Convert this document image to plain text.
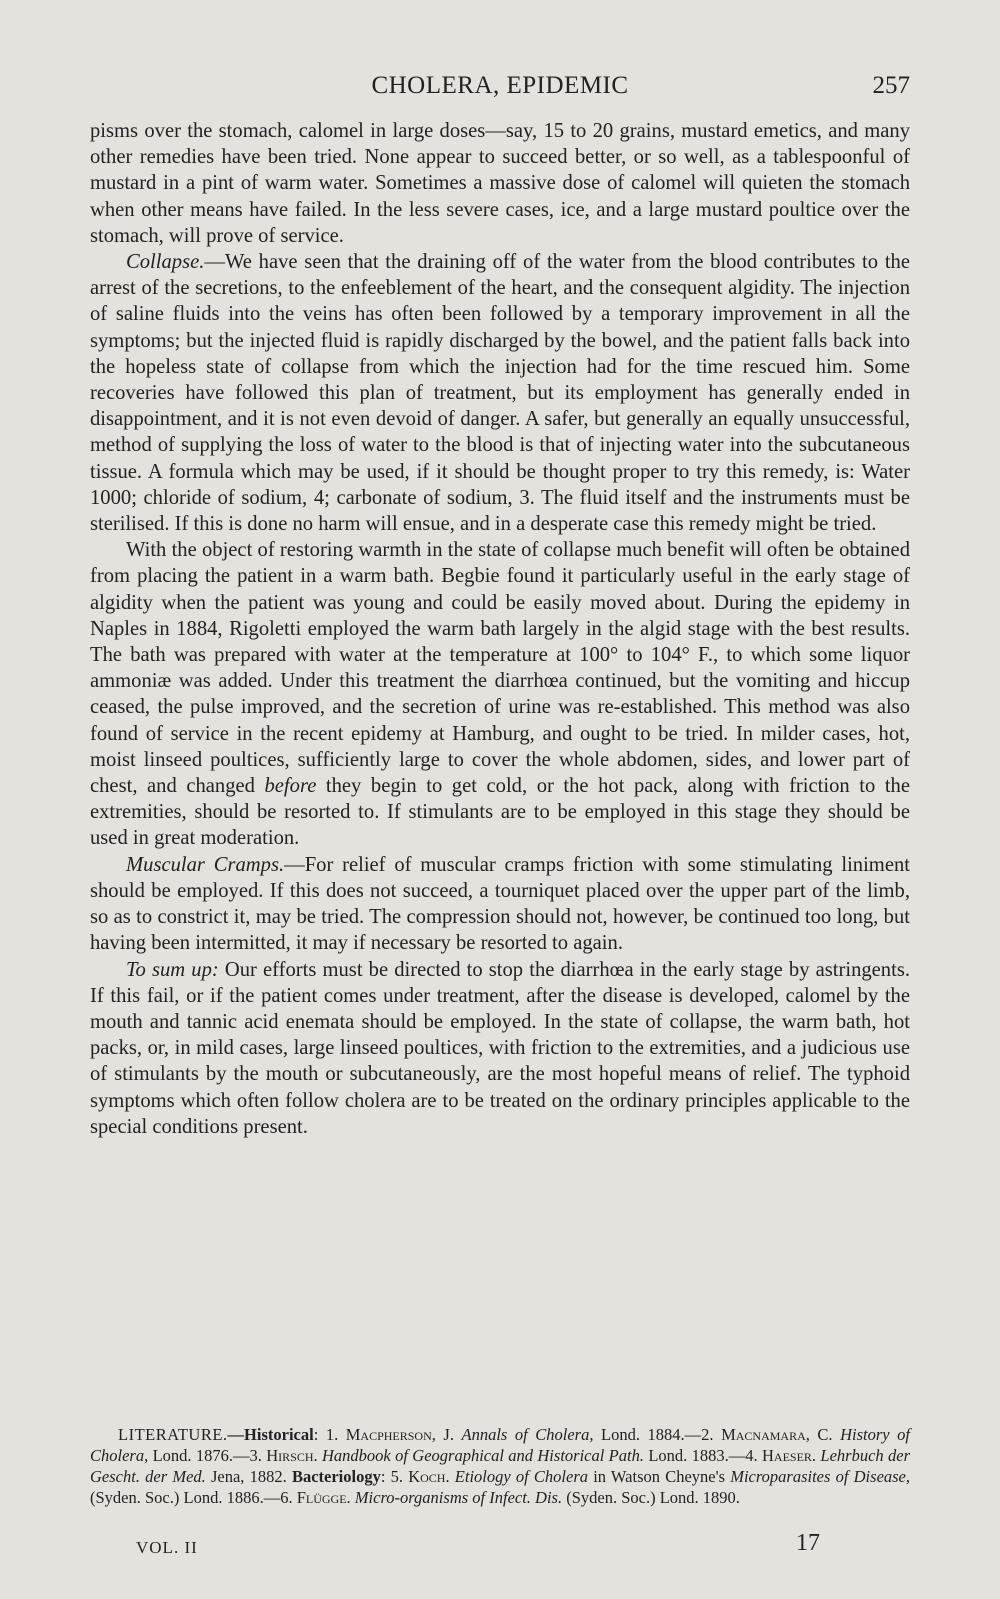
CHOLERA, EPIDEMIC	257

pisms over the stomach, calomel in large doses—say, 15 to 20 grains, mustard emetics, and many other remedies have been tried. None appear to succeed better, or so well, as a tablespoonful of mustard in a pint of warm water. Sometimes a massive dose of calomel will quieten the stomach when other means have failed. In the less severe cases, ice, and a large mustard poultice over the stomach, will prove of service.

Collapse.—We have seen that the draining off of the water from the blood contributes to the arrest of the secretions, to the enfeeblement of the heart, and the consequent algidity. The injection of saline fluids into the veins has often been followed by a temporary improvement in all the symptoms; but the injected fluid is rapidly discharged by the bowel, and the patient falls back into the hopeless state of collapse from which the injection had for the time rescued him. Some recoveries have followed this plan of treatment, but its employment has generally ended in disappointment, and it is not even devoid of danger. A safer, but generally an equally unsuccessful, method of supplying the loss of water to the blood is that of injecting water into the subcutaneous tissue. A formula which may be used, if it should be thought proper to try this remedy, is: Water 1000; chloride of sodium, 4; carbonate of sodium, 3. The fluid itself and the instruments must be sterilised. If this is done no harm will ensue, and in a desperate case this remedy might be tried.

With the object of restoring warmth in the state of collapse much benefit will often be obtained from placing the patient in a warm bath. Begbie found it particularly useful in the early stage of algidity when the patient was young and could be easily moved about. During the epidemy in Naples in 1884, Rigoletti employed the warm bath largely in the algid stage with the best results. The bath was prepared with water at the temperature at 100° to 104° F., to which some liquor ammoniæ was added. Under this treatment the diarrhœa continued, but the vomiting and hiccup ceased, the pulse improved, and the secretion of urine was re-established. This method was also found of service in the recent epidemy at Hamburg, and ought to be tried. In milder cases, hot, moist linseed poultices, sufficiently large to cover the whole abdomen, sides, and lower part of chest, and changed before they begin to get cold, or the hot pack, along with friction to the extremities, should be resorted to. If stimulants are to be employed in this stage they should be used in great moderation.

Muscular Cramps.—For relief of muscular cramps friction with some stimulating liniment should be employed. If this does not succeed, a tourniquet placed over the upper part of the limb, so as to constrict it, may be tried. The compression should not, however, be continued too long, but having been intermitted, it may if necessary be resorted to again.

To sum up: Our efforts must be directed to stop the diarrhœa in the early stage by astringents. If this fail, or if the patient comes under treatment, after the disease is developed, calomel by the mouth and tannic acid enemata should be employed. In the state of collapse, the warm bath, hot packs, or, in mild cases, large linseed poultices, with friction to the extremities, and a judicious use of stimulants by the mouth or subcutaneously, are the most hopeful means of relief. The typhoid symptoms which often follow cholera are to be treated on the ordinary principles applicable to the special conditions present.

LITERATURE.—Historical: 1. Macpherson, J. Annals of Cholera, Lond. 1884.—2. Macnamara, C. History of Cholera, Lond. 1876.—3. Hirsch. Handbook of Geographical and Historical Path. Lond. 1883.—4. Haeser. Lehrbuch der Gescht. der Med. Jena, 1882. Bacteriology: 5. Koch. Etiology of Cholera in Watson Cheyne's Microparasites of Disease, (Syden. Soc.) Lond. 1886.—6. Flügge. Micro-organisms of Infect. Dis. (Syden. Soc.) Lond. 1890.
VOL. II	17
